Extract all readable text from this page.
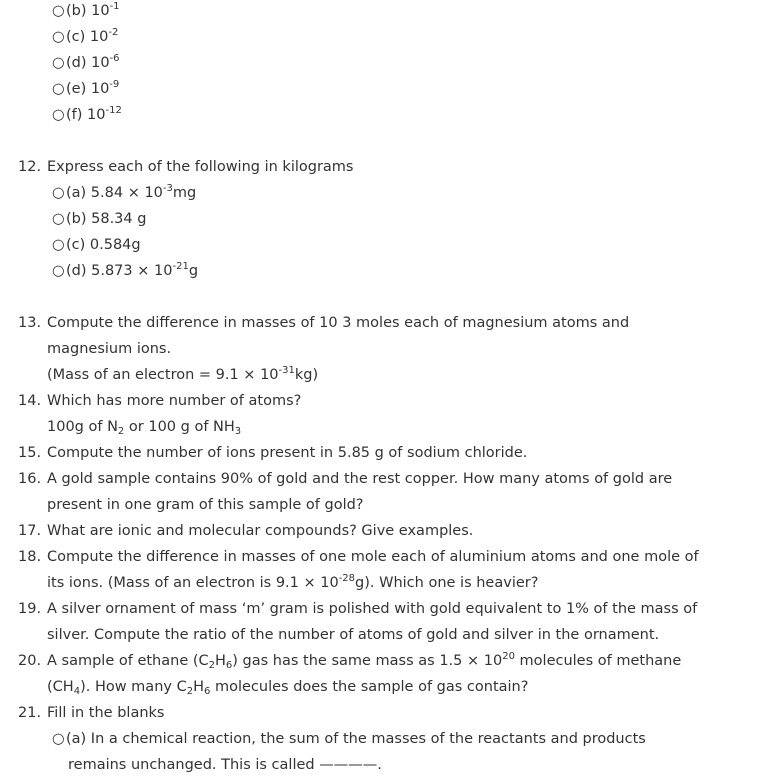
○(b) $10^{-1}$
○(c) $10^{-2}$
○(d) $10^{-6}$
○(e) $10^{-9}$
○(f) $10^{-12}$
12. Express each of the following in kilograms
○(a) $5.84 \times 10^{-3}mg$
○(b) 58.34 g
○(c) 0.584g
○(d) $5.873 \times 10^{-21}g$
13. Compute the difference in masses of 10 3 moles each of magnesium atoms and
magnesium ions.
(Mass of an electron = $9.1 \times 10^{-31}kg$)
14. Which has more number of atoms?
100g of $N_2$ or 100 g of $NH_3$
15. Compute the number of ions present in 5.85 g of sodium chloride.
16. A gold sample contains 90% of gold and the rest copper. How many atoms of gold are
present in one gram of this sample of gold?
17. What are ionic and molecular compounds? Give examples.
18. Compute the difference in masses of one mole each of aluminium atoms and one mole of
its ions. (Mass of an electron is $9.1 \times 10^{-28}g$). Which one is heavier?
19. A silver ornament of mass ‘m’ gram is polished with gold equivalent to 1% of the mass of
silver. Compute the ratio of the number of atoms of gold and silver in the ornament.
20. A sample of ethane $(C_2H_6)$ gas has the same mass as $1.5 \times 10^{20}$ molecules of methane
$(CH_4)$. How many $C_2H_6$ molecules does the sample of gas contain?
21. Fill in the blanks
○(a) In a chemical reaction, the sum of the masses of the reactants and products
remains unchanged. This is called ————.
